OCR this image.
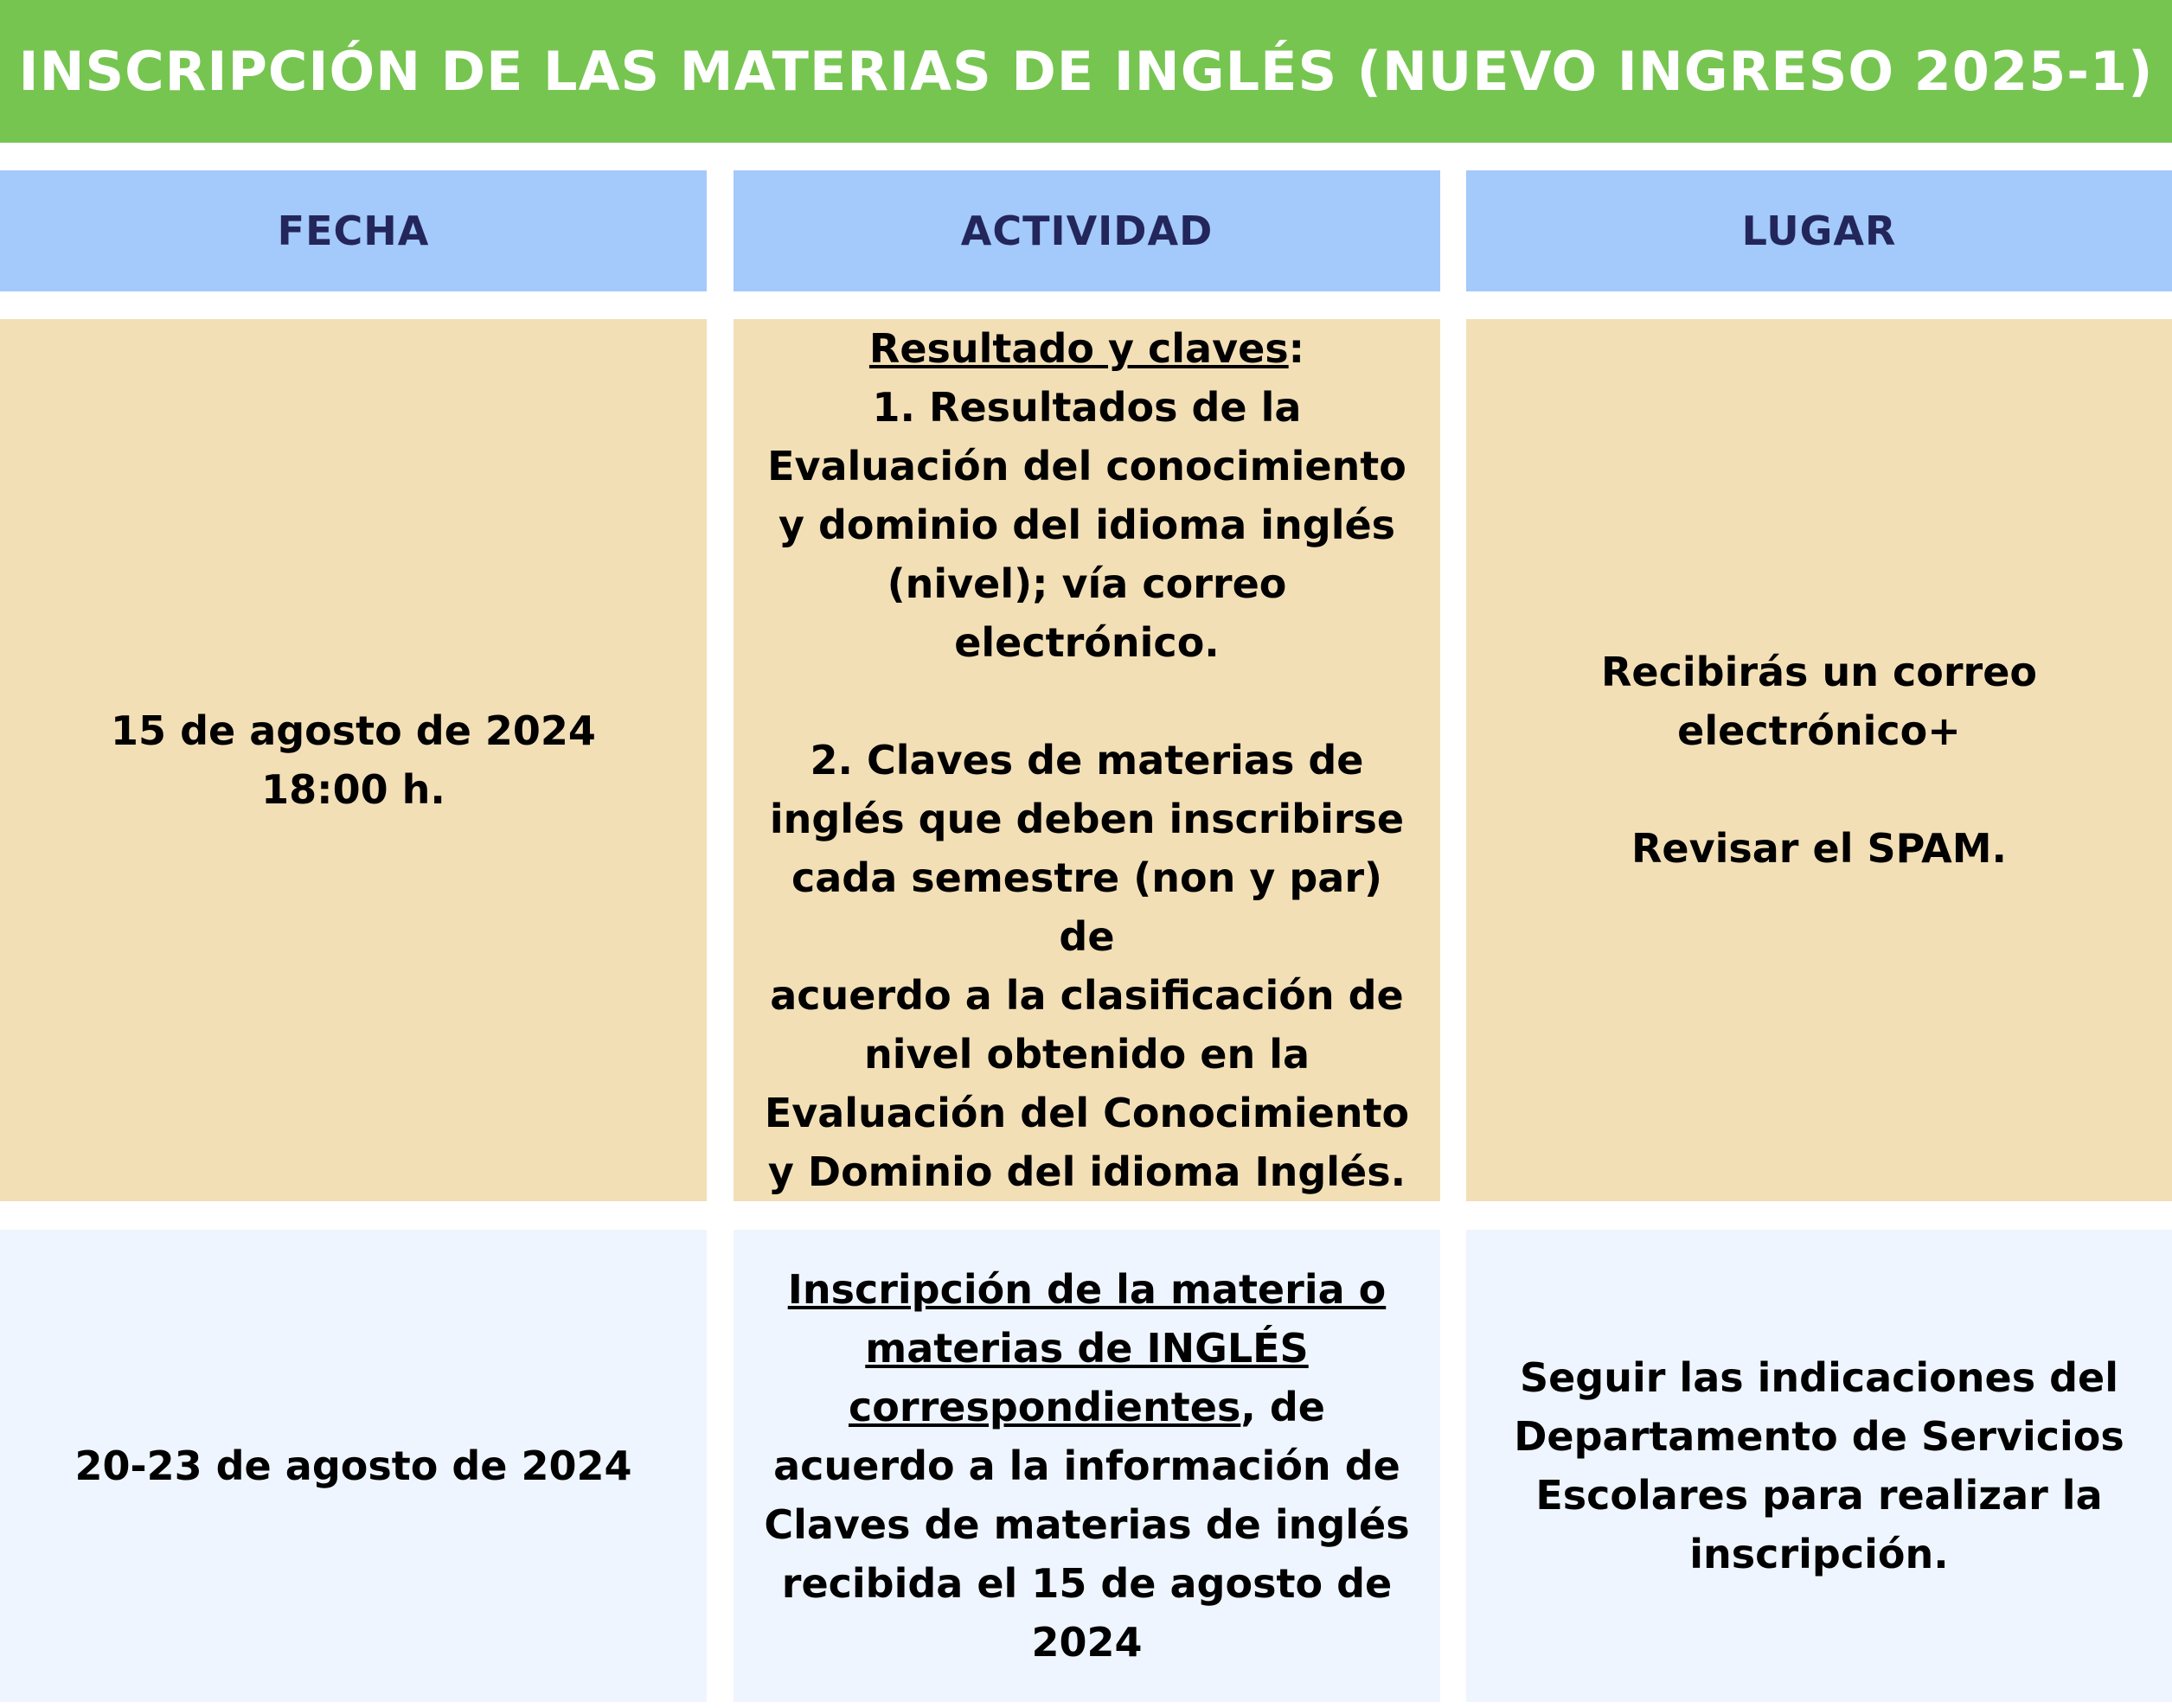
INSCRIPCIÓN DE LAS MATERIAS DE INGLÉS (NUEVO INGRESO 2025-1)
FECHA	ACTIVIDAD	LUGAR
15 de agosto de 2024
18:00 h.
Resultado y claves:
1. Resultados de la
Evaluación del conocimiento
y dominio del idioma inglés
(nivel); vía correo
electrónico.
2. Claves de materias de
inglés que deben inscribirse
cada semestre (non y par) de
acuerdo a la clasificación de
nivel obtenido en la
Evaluación del Conocimiento
y Dominio del idioma Inglés.
Recibirás un correo
electrónico+
Revisar el SPAM.
20-23 de agosto de 2024
Inscripción de la materia o
materias de INGLÉS
correspondientes, de
acuerdo a la información de
Claves de materias de inglés
recibida el 15 de agosto de
2024
Seguir las indicaciones del
Departamento de Servicios
Escolares para realizar la
inscripción.
